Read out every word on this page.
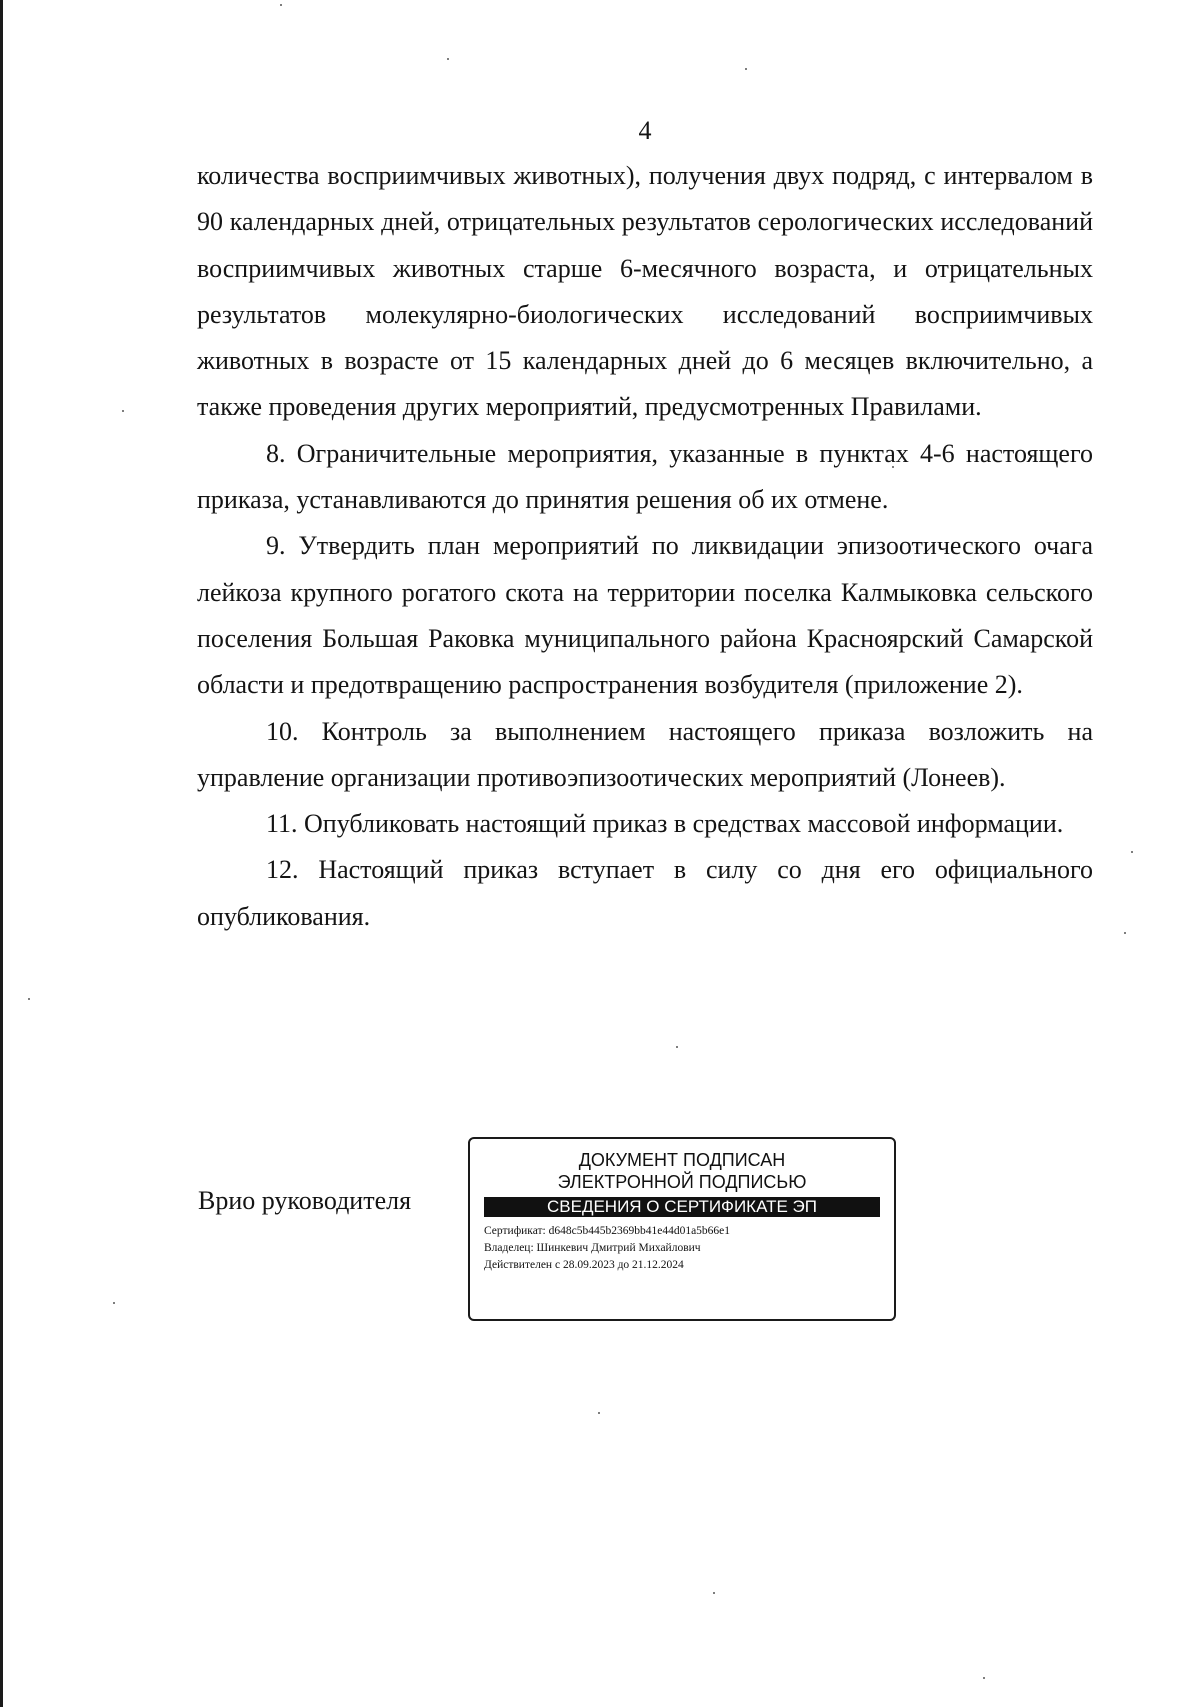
4

количества восприимчивых животных), получения двух подряд, с интервалом в 90 календарных дней, отрицательных результатов серологических исследований восприимчивых животных старше 6-месячного возраста, и отрицательных результатов молекулярно-биологических исследований восприимчивых животных в возрасте от 15 календарных дней до 6 месяцев включительно, а также проведения других мероприятий, предусмотренных Правилами.

8. Ограничительные мероприятия, указанные в пунктах 4-6 настоящего приказа, устанавливаются до принятия решения об их отмене.

9. Утвердить план мероприятий по ликвидации эпизоотического очага лейкоза крупного рогатого скота на территории поселка Калмыковка сельского поселения Большая Раковка муниципального района Красноярский Самарской области и предотвращению распространения возбудителя (приложение 2).

10. Контроль за выполнением настоящего приказа возложить на управление организации противоэпизоотических мероприятий (Лонеев).

11. Опубликовать настоящий приказ в средствах массовой информации.

12. Настоящий приказ вступает в силу со дня его официального опубликования.

Врио руководителя
ДОКУМЕНТ ПОДПИСАН
ЭЛЕКТРОННОЙ ПОДПИСЬЮ
СВЕДЕНИЯ О СЕРТИФИКАТЕ ЭП
Сертификат: d648c5b445b2369bb41e44d01a5b66e1
Владелец: Шинкевич Дмитрий Михайлович
Действителен с 28.09.2023 до 21.12.2024
